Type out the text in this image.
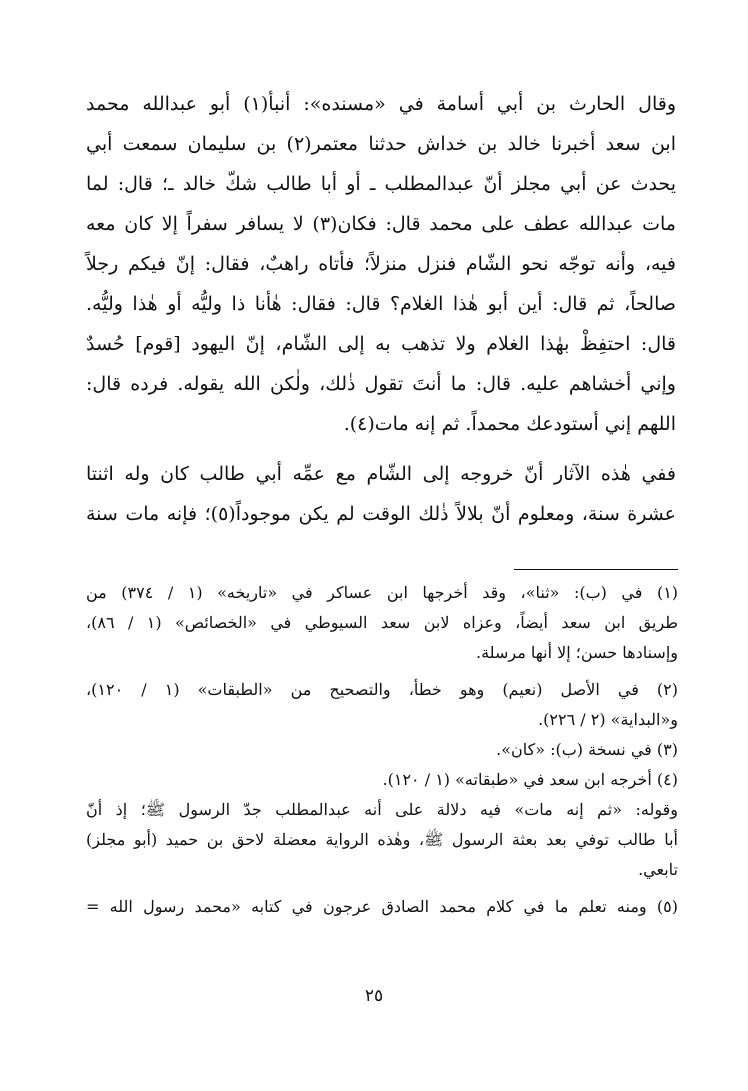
وقال الحارث بن أبي أسامة في «مسنده»: أنبأ(١) أبو عبدالله محمد
ابن سعد أخبرنا خالد بن خداش حدثنا معتمر(٢) بن سليمان سمعت أبي
يحدث عن أبي مجلز أنّ عبدالمطلب ـ أو أبا طالب شكّ خالد ـ؛ قال: لما
مات عبدالله عطف على محمد قال: فكان(٣) لا يسافر سفراً إلا كان معه
فيه، وأنه توجّه نحو الشّام فنزل منزلاً؛ فأتاه راهبٌ، فقال: إنّ فيكم رجلاً
صالحاً، ثم قال: أين أبو هٰذا الغلام؟ قال: فقال: هٰأنا ذا وليُّه أو هٰذا وليُّه.
قال: احتفِظْ بهٰذا الغلام ولا تذهب به إلى الشّام، إنّ اليهود [قوم] حُسدٌ
وإني أخشاهم عليه. قال: ما أنتَ تقول ذٰلك، ولٰكن الله يقوله. فرده قال:
اللهم إني أستودعك محمداً. ثم إنه مات(٤).
ففي هٰذه الآثار أنّ خروجه إلى الشّام مع عمِّه أبي طالب كان وله اثنتا
عشرة سنة، ومعلوم أنّ بلالاً ذٰلك الوقت لم يكن موجوداً(٥)؛ فإنه مات سنة
(١) في (ب): «ثنا»، وقد أخرجها ابن عساكر في «تاريخه» (١ / ٣٧٤) من
طريق ابن سعد أيضاً، وعزاه لابن سعد السيوطي في «الخصائص» (١ / ٨٦)،
وإسنادها حسن؛ إلا أنها مرسلة.
(٢) في الأصل (نعيم) وهو خطأ، والتصحيح من «الطبقات» (١ / ١٢٠)،
و«البداية» (٢ / ٢٢٦).
(٣) في نسخة (ب): «كان».
(٤) أخرجه ابن سعد في «طبقاته» (١ / ١٢٠).
وقوله: «ثم إنه مات» فيه دلالة على أنه عبدالمطلب جدّ الرسول ﷺ؛ إذ أنّ
أبا طالب توفي بعد بعثة الرسول ﷺ، وهٰذه الرواية معضلة لاحق بن حميد (أبو مجلز)
تابعي.
(٥) ومنه تعلم ما في كلام محمد الصادق عرجون في كتابه «محمد رسول الله =
٢٥
